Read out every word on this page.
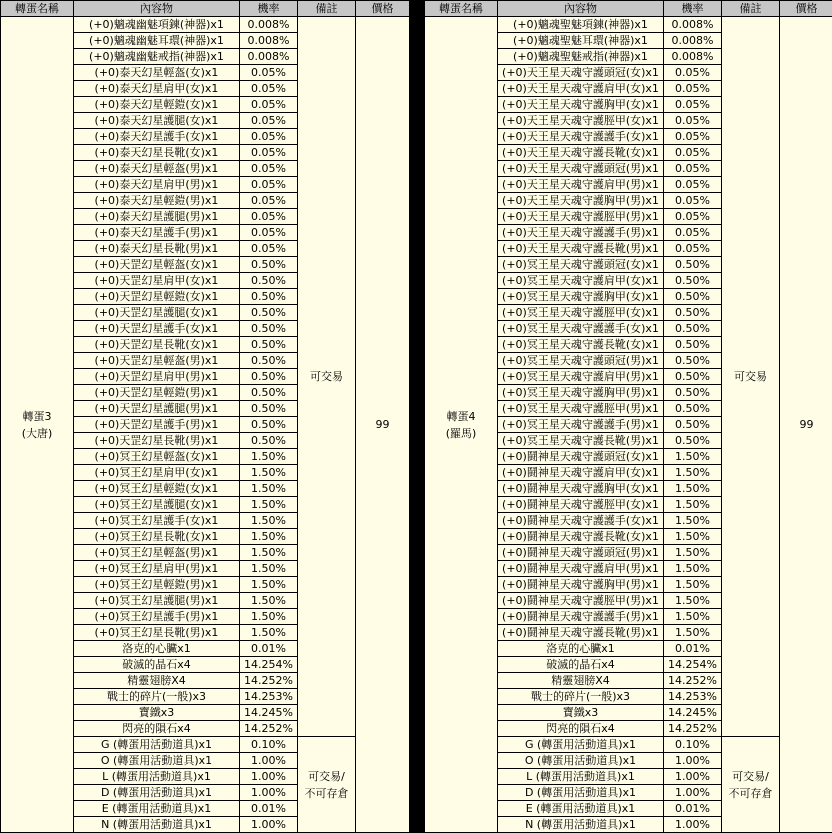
轉蛋名稱	內容物	機率	備註	價格

轉蛋3
(大唐)	(+0)魑魂幽魅項鍊(神器)x1	0.008%	可交易	99
	(+0)魑魂幽魅耳環(神器)x1	0.008%		
	(+0)魑魂幽魅戒指(神器)x1	0.008%		
	(+0)泰天幻星輕盔(女)x1	0.05%		
	(+0)泰天幻星肩甲(女)x1	0.05%		
	(+0)泰天幻星輕鎧(女)x1	0.05%		
	(+0)泰天幻星護腿(女)x1	0.05%		
	(+0)泰天幻星護手(女)x1	0.05%		
	(+0)泰天幻星長靴(女)x1	0.05%		
	(+0)泰天幻星輕盔(男)x1	0.05%		
	(+0)泰天幻星肩甲(男)x1	0.05%		
	(+0)泰天幻星輕鎧(男)x1	0.05%		
	(+0)泰天幻星護腿(男)x1	0.05%		
	(+0)泰天幻星護手(男)x1	0.05%		
	(+0)泰天幻星長靴(男)x1	0.05%		
	(+0)天罡幻星輕盔(女)x1	0.50%		
	(+0)天罡幻星肩甲(女)x1	0.50%		
	(+0)天罡幻星輕鎧(女)x1	0.50%		
	(+0)天罡幻星護腿(女)x1	0.50%		
	(+0)天罡幻星護手(女)x1	0.50%		
	(+0)天罡幻星長靴(女)x1	0.50%		
	(+0)天罡幻星輕盔(男)x1	0.50%		
	(+0)天罡幻星肩甲(男)x1	0.50%		
	(+0)天罡幻星輕鎧(男)x1	0.50%		
	(+0)天罡幻星護腿(男)x1	0.50%		
	(+0)天罡幻星護手(男)x1	0.50%		
	(+0)天罡幻星長靴(男)x1	0.50%		
	(+0)冥王幻星輕盔(女)x1	1.50%		
	(+0)冥王幻星肩甲(女)x1	1.50%		
	(+0)冥王幻星輕鎧(女)x1	1.50%		
	(+0)冥王幻星護腿(女)x1	1.50%		
	(+0)冥王幻星護手(女)x1	1.50%		
	(+0)冥王幻星長靴(女)x1	1.50%		
	(+0)冥王幻星輕盔(男)x1	1.50%		
	(+0)冥王幻星肩甲(男)x1	1.50%		
	(+0)冥王幻星輕鎧(男)x1	1.50%		
	(+0)冥王幻星護腿(男)x1	1.50%		
	(+0)冥王幻星護手(男)x1	1.50%		
	(+0)冥王幻星長靴(男)x1	1.50%		
	洛克的心臟x1	0.01%		
	破滅的晶石x4	14.254%		
	精靈翅膀X4	14.252%		
	戰士的碎片(一般)x3	14.253%		
	寶鐵x3	14.245%		
	閃亮的隕石x4	14.252%		
	G (轉蛋用活動道具)x1	0.10%	可交易/
不可存倉	

	O (轉蛋用活動道具)x1	1.00%		
	L (轉蛋用活動道具)x1	1.00%		
	D (轉蛋用活動道具)x1	1.00%		
	E (轉蛋用活動道具)x1	0.01%		
	N (轉蛋用活動道具)x1	1.00%		
轉蛋名稱	內容物	機率	備註	價格

轉蛋4
(羅馬)	(+0)魑魂聖魅項鍊(神器)x1	0.008%	可交易	99
	(+0)魑魂聖魅耳環(神器)x1	0.008%		
	(+0)魑魂聖魅戒指(神器)x1	0.008%		
	(+0)天王星天魂守護頭冠(女)x1	0.05%		
	(+0)天王星天魂守護肩甲(女)x1	0.05%		
	(+0)天王星天魂守護胸甲(女)x1	0.05%		
	(+0)天王星天魂守護脛甲(女)x1	0.05%		
	(+0)天王星天魂守護護手(女)x1	0.05%		
	(+0)天王星天魂守護長靴(女)x1	0.05%		
	(+0)天王星天魂守護頭冠(男)x1	0.05%		
	(+0)天王星天魂守護肩甲(男)x1	0.05%		
	(+0)天王星天魂守護胸甲(男)x1	0.05%		
	(+0)天王星天魂守護脛甲(男)x1	0.05%		
	(+0)天王星天魂守護護手(男)x1	0.05%		
	(+0)天王星天魂守護長靴(男)x1	0.05%		
	(+0)冥王星天魂守護頭冠(女)x1	0.50%		
	(+0)冥王星天魂守護肩甲(女)x1	0.50%		
	(+0)冥王星天魂守護胸甲(女)x1	0.50%		
	(+0)冥王星天魂守護脛甲(女)x1	0.50%		
	(+0)冥王星天魂守護護手(女)x1	0.50%		
	(+0)冥王星天魂守護長靴(女)x1	0.50%		
	(+0)冥王星天魂守護頭冠(男)x1	0.50%		
	(+0)冥王星天魂守護肩甲(男)x1	0.50%		
	(+0)冥王星天魂守護胸甲(男)x1	0.50%		
	(+0)冥王星天魂守護脛甲(男)x1	0.50%		
	(+0)冥王星天魂守護護手(男)x1	0.50%		
	(+0)冥王星天魂守護長靴(男)x1	0.50%		
	(+0)鬪神星天魂守護頭冠(女)x1	1.50%		
	(+0)鬪神星天魂守護肩甲(女)x1	1.50%		
	(+0)鬪神星天魂守護胸甲(女)x1	1.50%		
	(+0)鬪神星天魂守護脛甲(女)x1	1.50%		
	(+0)鬪神星天魂守護護手(女)x1	1.50%		
	(+0)鬪神星天魂守護長靴(女)x1	1.50%		
	(+0)鬪神星天魂守護頭冠(男)x1	1.50%		
	(+0)鬪神星天魂守護肩甲(男)x1	1.50%		
	(+0)鬪神星天魂守護胸甲(男)x1	1.50%		
	(+0)鬪神星天魂守護脛甲(男)x1	1.50%		
	(+0)鬪神星天魂守護護手(男)x1	1.50%		
	(+0)鬪神星天魂守護長靴(男)x1	1.50%		
	洛克的心臟x1	0.01%		
	破滅的晶石x4	14.254%		
	精靈翅膀X4	14.252%		
	戰士的碎片(一般)x3	14.253%		
	寶鐵x3	14.245%		
	閃亮的隕石x4	14.252%		
	G (轉蛋用活動道具)x1	0.10%	可交易/
不可存倉	

	O (轉蛋用活動道具)x1	1.00%		
	L (轉蛋用活動道具)x1	1.00%		
	D (轉蛋用活動道具)x1	1.00%		
	E (轉蛋用活動道具)x1	0.01%		
	N (轉蛋用活動道具)x1	1.00%		
